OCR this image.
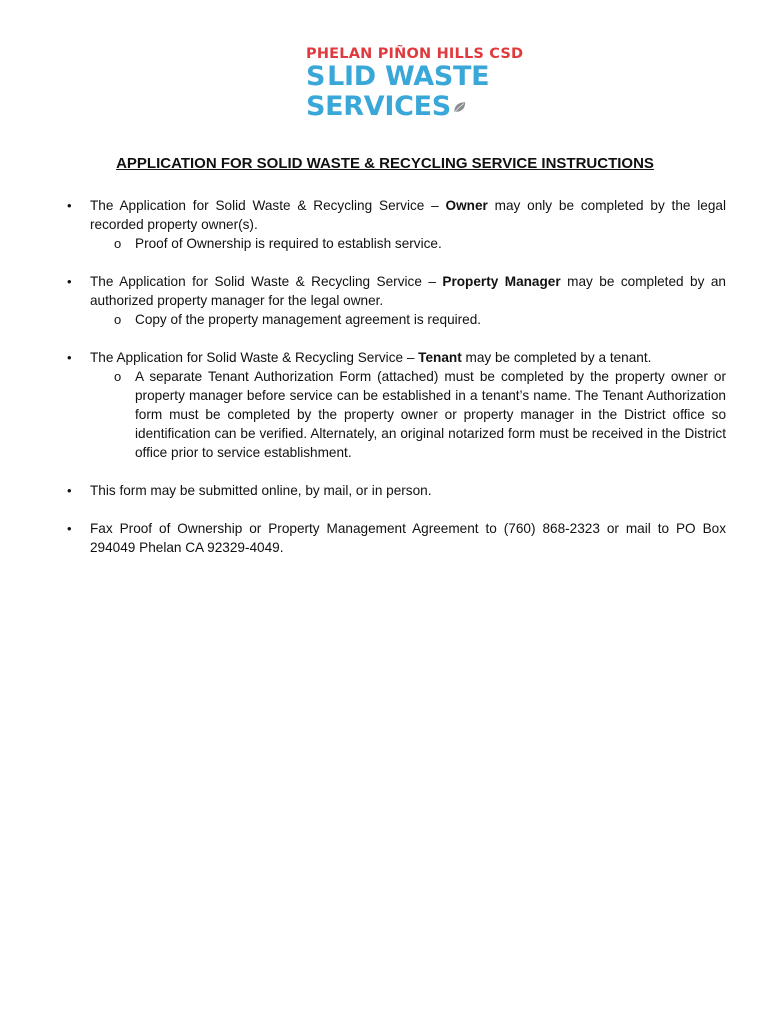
PHELAN PIÑON HILLS CSD
S LID WASTE
SERVICES
APPLICATION FOR SOLID WASTE & RECYCLING SERVICE INSTRUCTIONS
• The Application for Solid Waste & Recycling Service – Owner may only be completed by the legal recorded property owner(s).
o Proof of Ownership is required to establish service.
• The Application for Solid Waste & Recycling Service – Property Manager may be completed by an authorized property manager for the legal owner.
o Copy of the property management agreement is required.
• The Application for Solid Waste & Recycling Service – Tenant may be completed by a tenant.
o A separate Tenant Authorization Form (attached) must be completed by the property owner or property manager before service can be established in a tenant’s name. The Tenant Authorization form must be completed by the property owner or property manager in the District office so identification can be verified. Alternately, an original notarized form must be received in the District office prior to service establishment.
• This form may be submitted online, by mail, or in person.
• Fax Proof of Ownership or Property Management Agreement to (760) 868-2323 or mail to PO Box 294049 Phelan CA 92329-4049.
